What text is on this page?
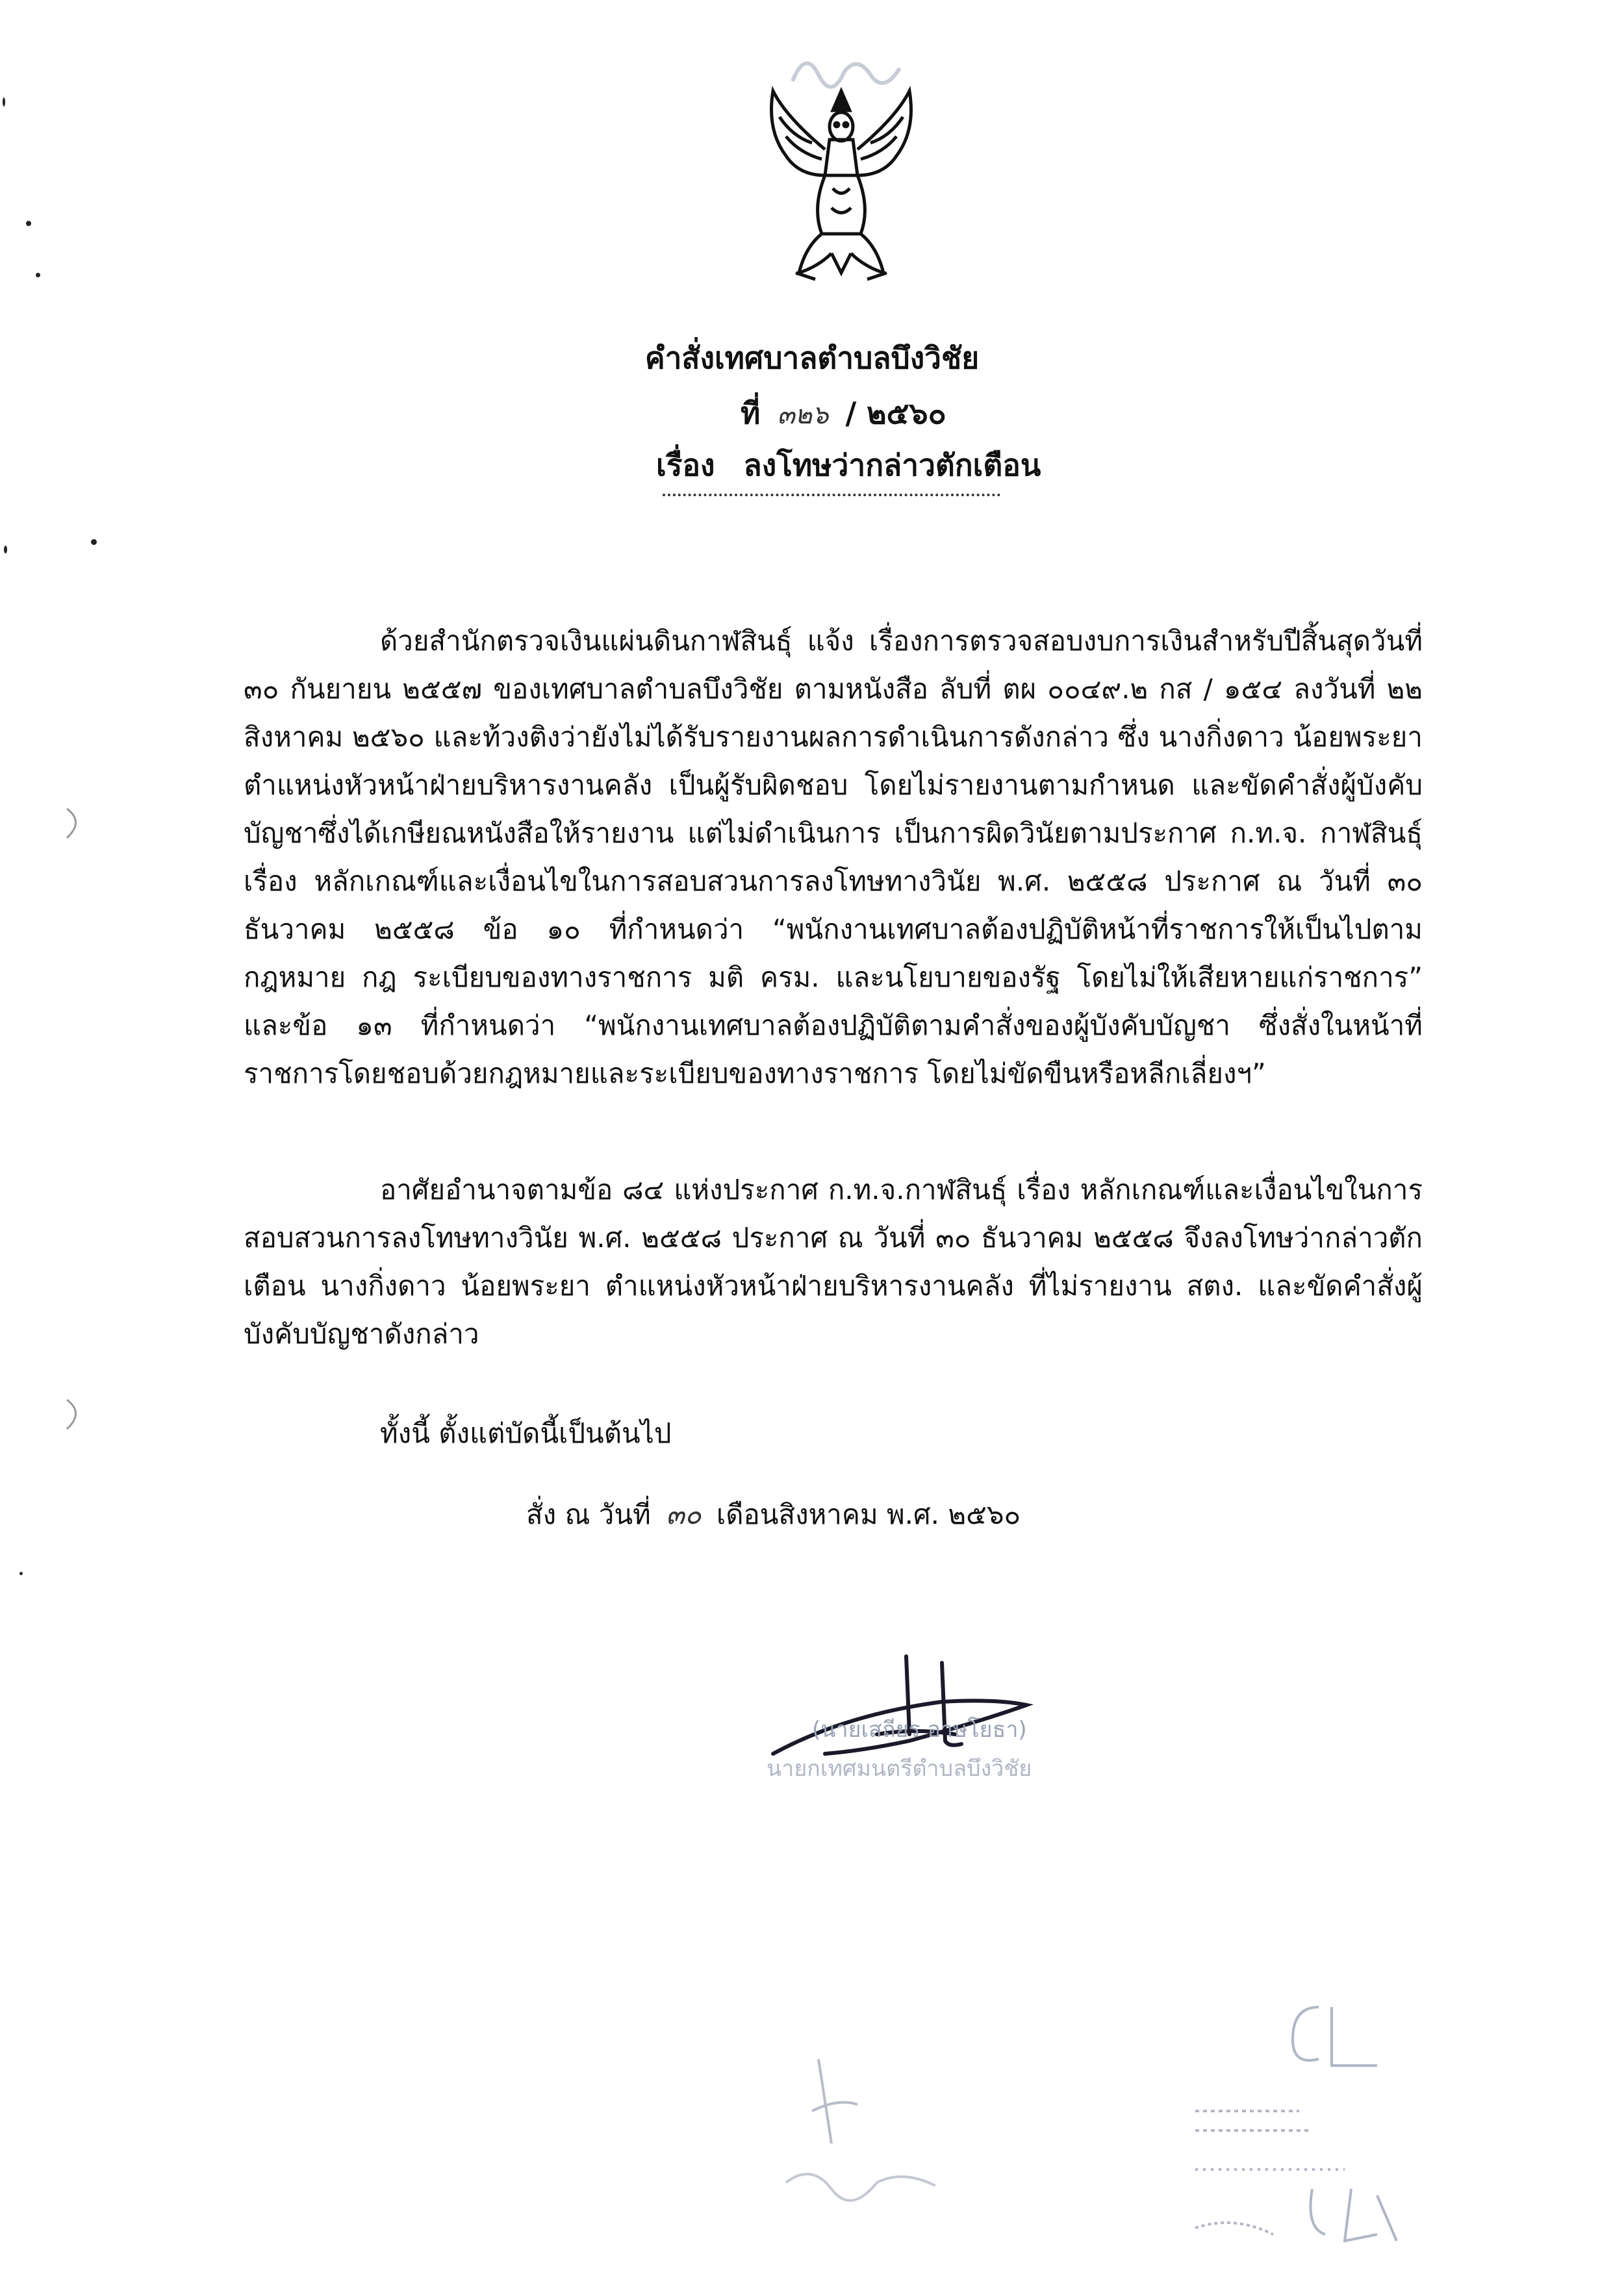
คำสั่งเทศบาลตำบลบึงวิชัย
ที่ ๓๒๖ / ๒๕๖๐
เรื่อง ลงโทษว่ากล่าวตักเตือน
ด้วยสำนักตรวจเงินแผ่นดินกาฬสินธุ์ แจ้ง เรื่องการตรวจสอบงบการเงินสำหรับปีสิ้นสุดวันที่ ๓๐ กันยายน ๒๕๕๗ ของเทศบาลตำบลบึงวิชัย ตามหนังสือ ลับที่ ตผ ๐๐๔๙.๒ กส / ๑๕๔ ลงวันที่ ๒๒ สิงหาคม ๒๕๖๐ และท้วงติงว่ายังไม่ได้รับรายงานผลการดำเนินการดังกล่าว ซึ่ง นางกิ่งดาว น้อยพระยา ตำแหน่งหัวหน้าฝ่ายบริหารงานคลัง เป็นผู้รับผิดชอบ โดยไม่รายงานตามกำหนด และขัดคำสั่งผู้บังคับบัญชาซึ่งได้เกษียณหนังสือให้รายงาน แต่ไม่ดำเนินการ เป็นการผิดวินัยตามประกาศ ก.ท.จ. กาฬสินธุ์ เรื่อง หลักเกณฑ์และเงื่อนไขในการสอบสวนการลงโทษทางวินัย พ.ศ. ๒๕๕๘ ประกาศ ณ วันที่ ๓๐ ธันวาคม ๒๕๕๘ ข้อ ๑๐ ที่กำหนดว่า “พนักงานเทศบาลต้องปฏิบัติหน้าที่ราชการให้เป็นไปตามกฎหมาย กฎ ระเบียบของทางราชการ มติ ครม. และนโยบายของรัฐ โดยไม่ให้เสียหายแก่ราชการ” และข้อ ๑๓ ที่กำหนดว่า “พนักงานเทศบาลต้องปฏิบัติตามคำสั่งของผู้บังคับบัญชา ซึ่งสั่งในหน้าที่ราชการโดยชอบด้วยกฎหมายและระเบียบของทางราชการ โดยไม่ขัดขืนหรือหลีกเลี่ยงฯ”
อาศัยอำนาจตามข้อ ๘๔ แห่งประกาศ ก.ท.จ.กาฬสินธุ์ เรื่อง หลักเกณฑ์และเงื่อนไขในการสอบสวนการลงโทษทางวินัย พ.ศ. ๒๕๕๘ ประกาศ ณ วันที่ ๓๐ ธันวาคม ๒๕๕๘ จึงลงโทษว่ากล่าวตักเตือน นางกิ่งดาว น้อยพระยา ตำแหน่งหัวหน้าฝ่ายบริหารงานคลัง ที่ไม่รายงาน สตง. และขัดคำสั่งผู้บังคับบัญชาดังกล่าว
ทั้งนี้ ตั้งแต่บัดนี้เป็นต้นไป
สั่ง ณ วันที่ ๓๐ เดือนสิงหาคม พ.ศ. ๒๕๖๐
(นายเสถียร อาษโยธา)
นายกเทศมนตรีตำบลบึงวิชัย
